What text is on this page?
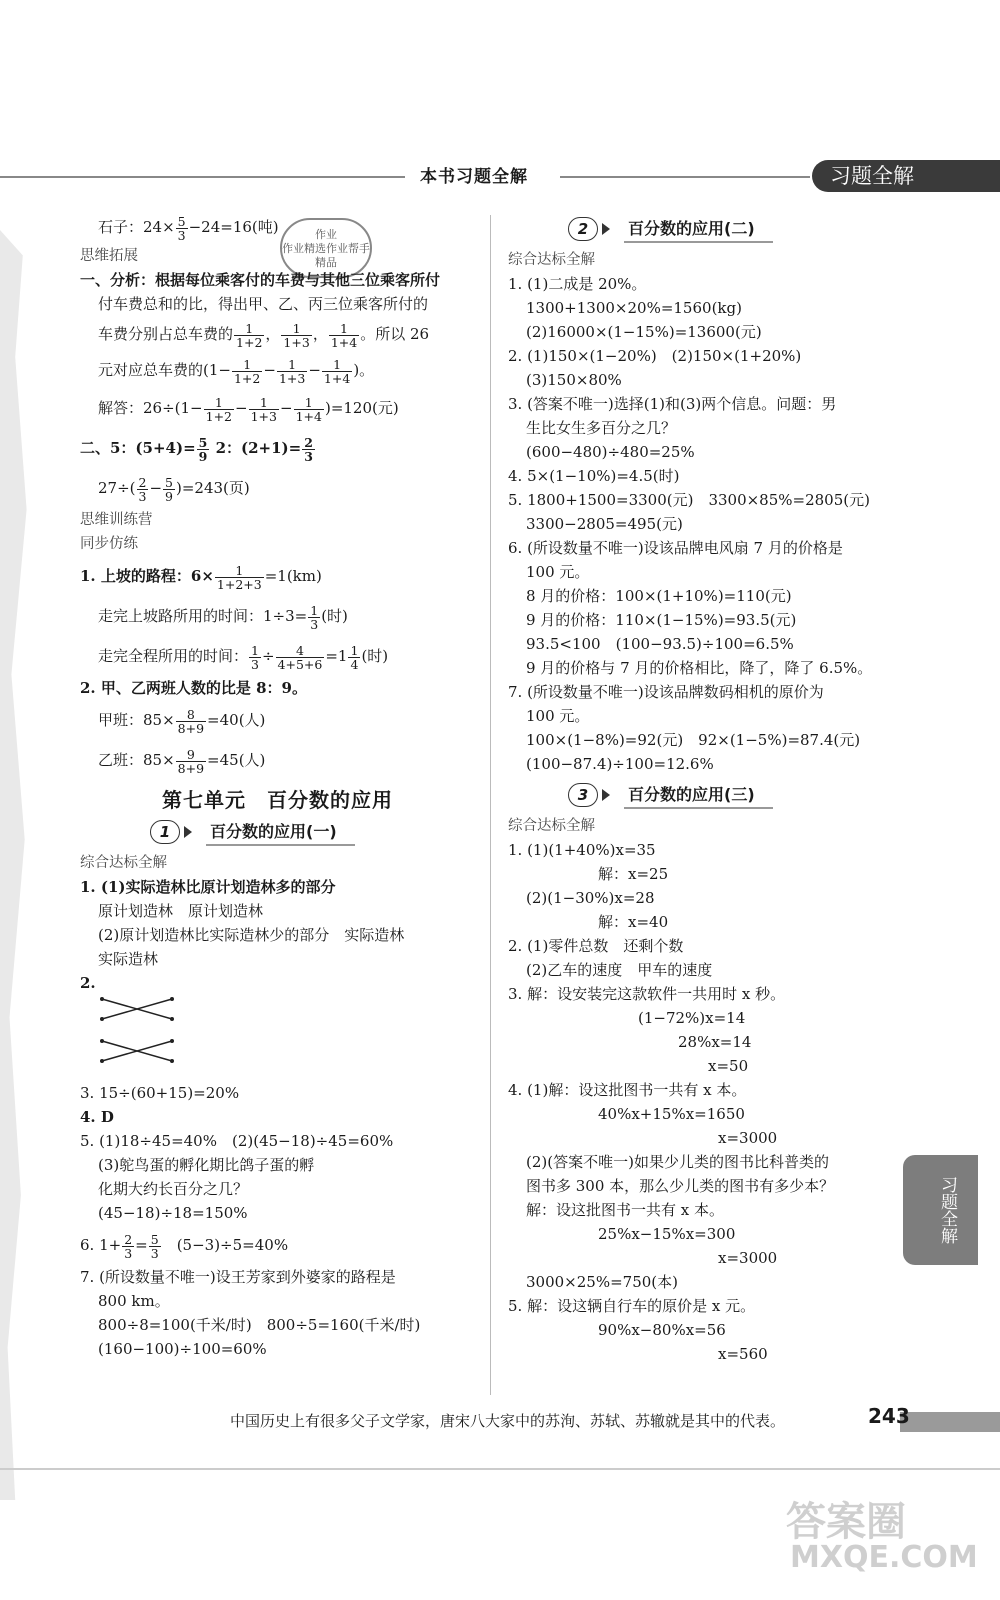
本书习题全解	习题全解
作业
作业精选作业帮手
精品
石子：$24\times \frac{5}{3} -24=16$(吨)
思维拓展
一、分析：根据每位乘客付的车费与其他三位乘客所付
付车费总和的比，得出甲、乙、丙三位乘客所付的
车费分别占总车费的 $\frac{1}{1+2}$ ， $\frac{1}{1+3}$ ， $\frac{1}{1+4}$ 。所以 26
元对应总车费的($1- \frac{1}{1+2} - \frac{1}{1+3} - \frac{1}{1+4}$ )。
解答：$26\div(1- \frac{1}{1+2} - \frac{1}{1+3} - \frac{1}{1+4} )=120$(元)
二、5：$(5+4)= \frac{5}{9} 2$：$(2+1)= \frac{2}{3}$
$27\div( \frac{2}{3} - \frac{5}{9} )=243$(页)
思维训练营
同步仿练
1. 上坡的路程：$6\times \frac{1}{1+2+3} =1(km)$
走完上坡路所用的时间：$1\div 3= \frac{1}{3}$ (时)
走完全程所用的时间： $\frac{1}{3} \div \frac{4}{4+5+6} =1 \frac{1}{4}$ (时)
2. 甲、乙两班人数的比是 8：9。
甲班：$85\times \frac{8}{8+9} =40$(人)
乙班：$85\times \frac{9}{8+9} =45$(人)
第七单元　百分数的应用
1	百分数的应用(一)
综合达标全解
1. (1)实际造林比原计划造林多的部分
原计划造林　原计划造林
(2)原计划造林比实际造林少的部分　实际造林
实际造林
2.
3. 15÷(60+15)=20%
4. D
5. (1)18÷45=40%　(2)(45−18)÷45=60%
(3)鸵鸟蛋的孵化期比鸽子蛋的孵
化期大约长百分之几？
(45−18)÷18=150%
6. $1+ \frac{2}{3} = \frac{5}{3}$ 　(5−3)÷5=40%
7. (所设数量不唯一)设王芳家到外婆家的路程是
800 km。
800÷8=100(千米/时)　800÷5=160(千米/时)
(160−100)÷100=60%
2	百分数的应用(二)
综合达标全解
1. (1)二成是 20%。
1300+1300×20%=1560(kg)
(2)16000×(1−15%)=13600(元)
2. (1)150×(1−20%)　(2)150×(1+20%)
(3)150×80%
3. (答案不唯一)选择(1)和(3)两个信息。问题：男
生比女生多百分之几？
(600−480)÷480=25%
4. 5×(1−10%)=4.5(时)
5. 1800+1500=3300(元)　3300×85%=2805(元)
3300−2805=495(元)
6. (所设数量不唯一)设该品牌电风扇 7 月的价格是
100 元。
8 月的价格：100×(1+10%)=110(元)
9 月的价格：110×(1−15%)=93.5(元)
93.5<100　(100−93.5)÷100=6.5%
9 月的价格与 7 月的价格相比，降了，降了 6.5%。
7. (所设数量不唯一)设该品牌数码相机的原价为
100 元。
100×(1−8%)=92(元)　92×(1−5%)=87.4(元)
(100−87.4)÷100=12.6%
3	百分数的应用(三)
综合达标全解
1. (1)(1+40%)x=35
解：x=25
(2)(1−30%)x=28
解：x=40
2. (1)零件总数　还剩个数
(2)乙车的速度　甲车的速度
3. 解：设安装完这款软件一共用时 x 秒。
(1−72%)x=14
28%x=14
x=50
4. (1)解：设这批图书一共有 x 本。
40%x+15%x=1650
x=3000
(2)(答案不唯一)如果少儿类的图书比科普类的
图书多 300 本，那么少儿类的图书有多少本？
解：设这批图书一共有 x 本。
25%x−15%x=300
x=3000
3000×25%=750(本)
5. 解：设这辆自行车的原价是 x 元。
90%x−80%x=56
x=560
习题全解
中国历史上有很多父子文学家，唐宋八大家中的苏洵、苏轼、苏辙就是其中的代表。	243
答案圈
MXQE.COM
